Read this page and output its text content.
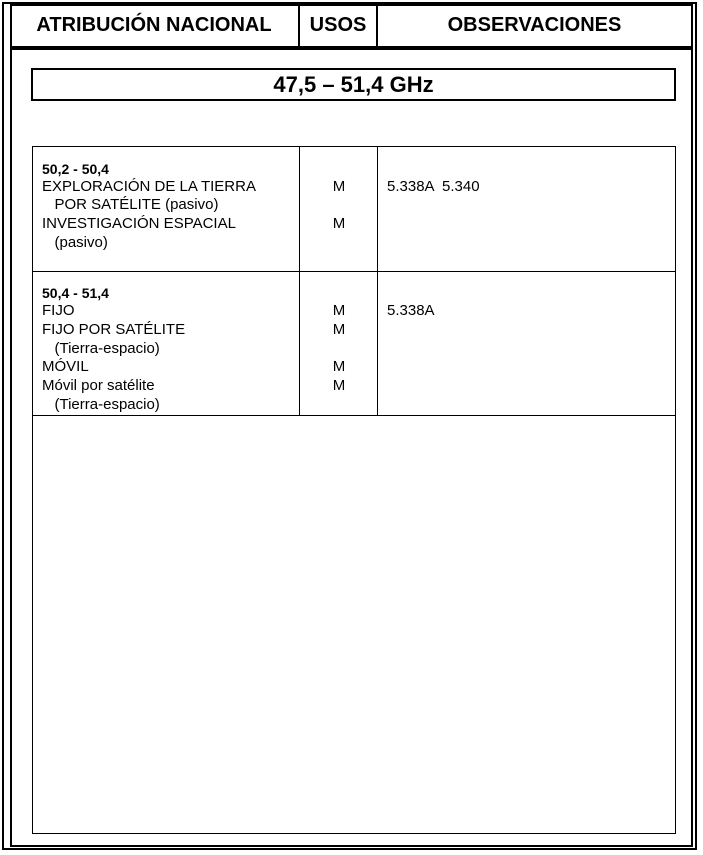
ATRIBUCIÓN NACIONAL	USOS	OBSERVACIONES
47,5 – 51,4 GHz
50,2 - 50,4
EXPLORACIÓN DE LA TIERRA
POR SATÉLITE (pasivo)
INVESTIGACIÓN ESPACIAL
(pasivo)
M
M
5.338A  5.340
50,4 - 51,4
FIJO
FIJO POR SATÉLITE
(Tierra-espacio)
MÓVIL
Móvil por satélite
(Tierra-espacio)
M
M
M
M
5.338A
